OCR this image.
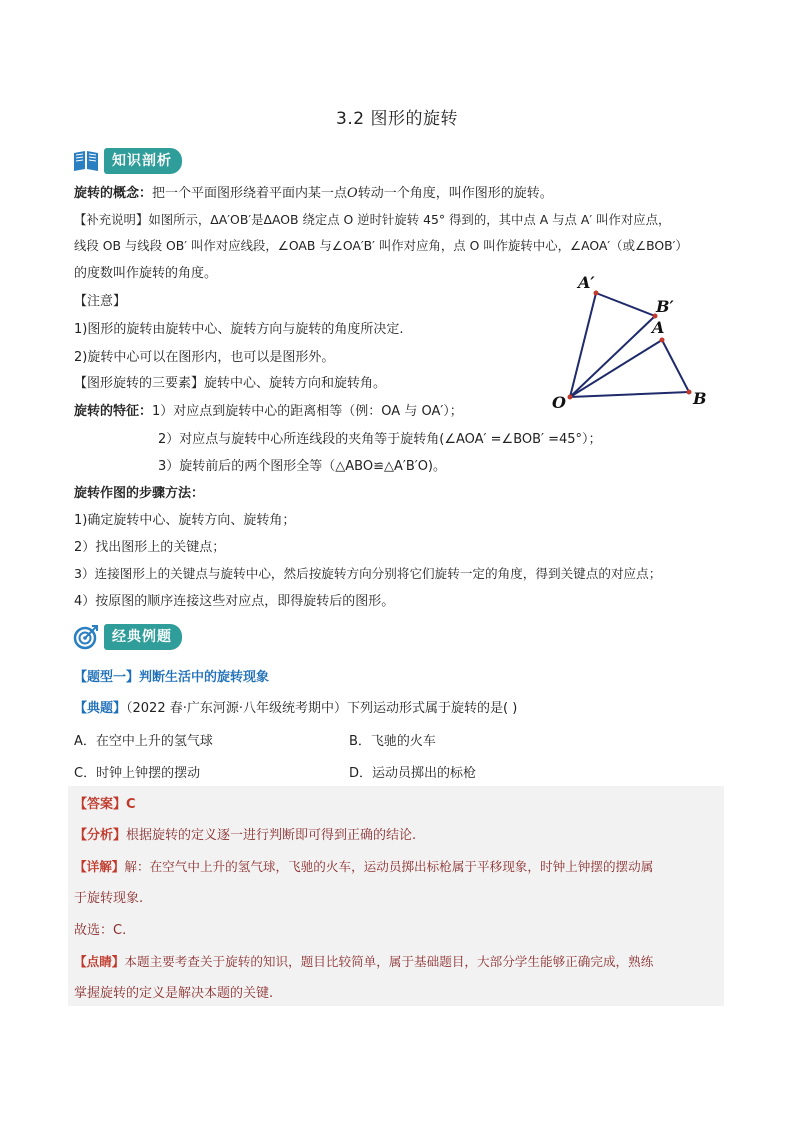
3.2 图形的旋转
知识剖析
旋转的概念：把一个平面图形绕着平面内某一点O转动一个角度，叫作图形的旋转。
【补充说明】如图所示，ΔA′OB′是ΔAOB 绕定点 O 逆时针旋转 45° 得到的，其中点 A 与点 A′ 叫作对应点，
线段 OB 与线段 OB′ 叫作对应线段，∠OAB 与∠OA′B′ 叫作对应角，点 O 叫作旋转中心，∠AOA′（或∠BOB′）
的度数叫作旋转的角度。
【注意】
1)图形的旋转由旋转中心、旋转方向与旋转的角度所决定.
2)旋转中心可以在图形内，也可以是图形外。
【图形旋转的三要素】旋转中心、旋转方向和旋转角。
旋转的特征：1）对应点到旋转中心的距离相等（例：OA 与 OA′）；
2）对应点与旋转中心所连线段的夹角等于旋转角(∠AOA′ =∠BOB′ =45°）；
3）旋转前后的两个图形全等（△ABO≌△A′B′O)。
旋转作图的步骤方法：
1)确定旋转中心、旋转方向、旋转角；
2）找出图形上的关键点；
3）连接图形上的关键点与旋转中心，然后按旋转方向分别将它们旋转一定的角度，得到关键点的对应点；
4）按原图的顺序连接这些对应点，即得旋转后的图形。
A′
B′
A
O	B
经典例题
【题型一】判断生活中的旋转现象
【典题】（2022 春·广东河源·八年级统考期中）下列运动形式属于旋转的是( )
A．在空中上升的氢气球	B．飞驰的火车
C．时钟上钟摆的摆动	D．运动员掷出的标枪
【答案】C
【分析】根据旋转的定义逐一进行判断即可得到正确的结论.
【详解】解：在空气中上升的氢气球，飞驰的火车，运动员掷出标枪属于平移现象，时钟上钟摆的摆动属
于旋转现象.
故选：C.
【点睛】本题主要考查关于旋转的知识，题目比较简单，属于基础题目，大部分学生能够正确完成，熟练
掌握旋转的定义是解决本题的关键.
